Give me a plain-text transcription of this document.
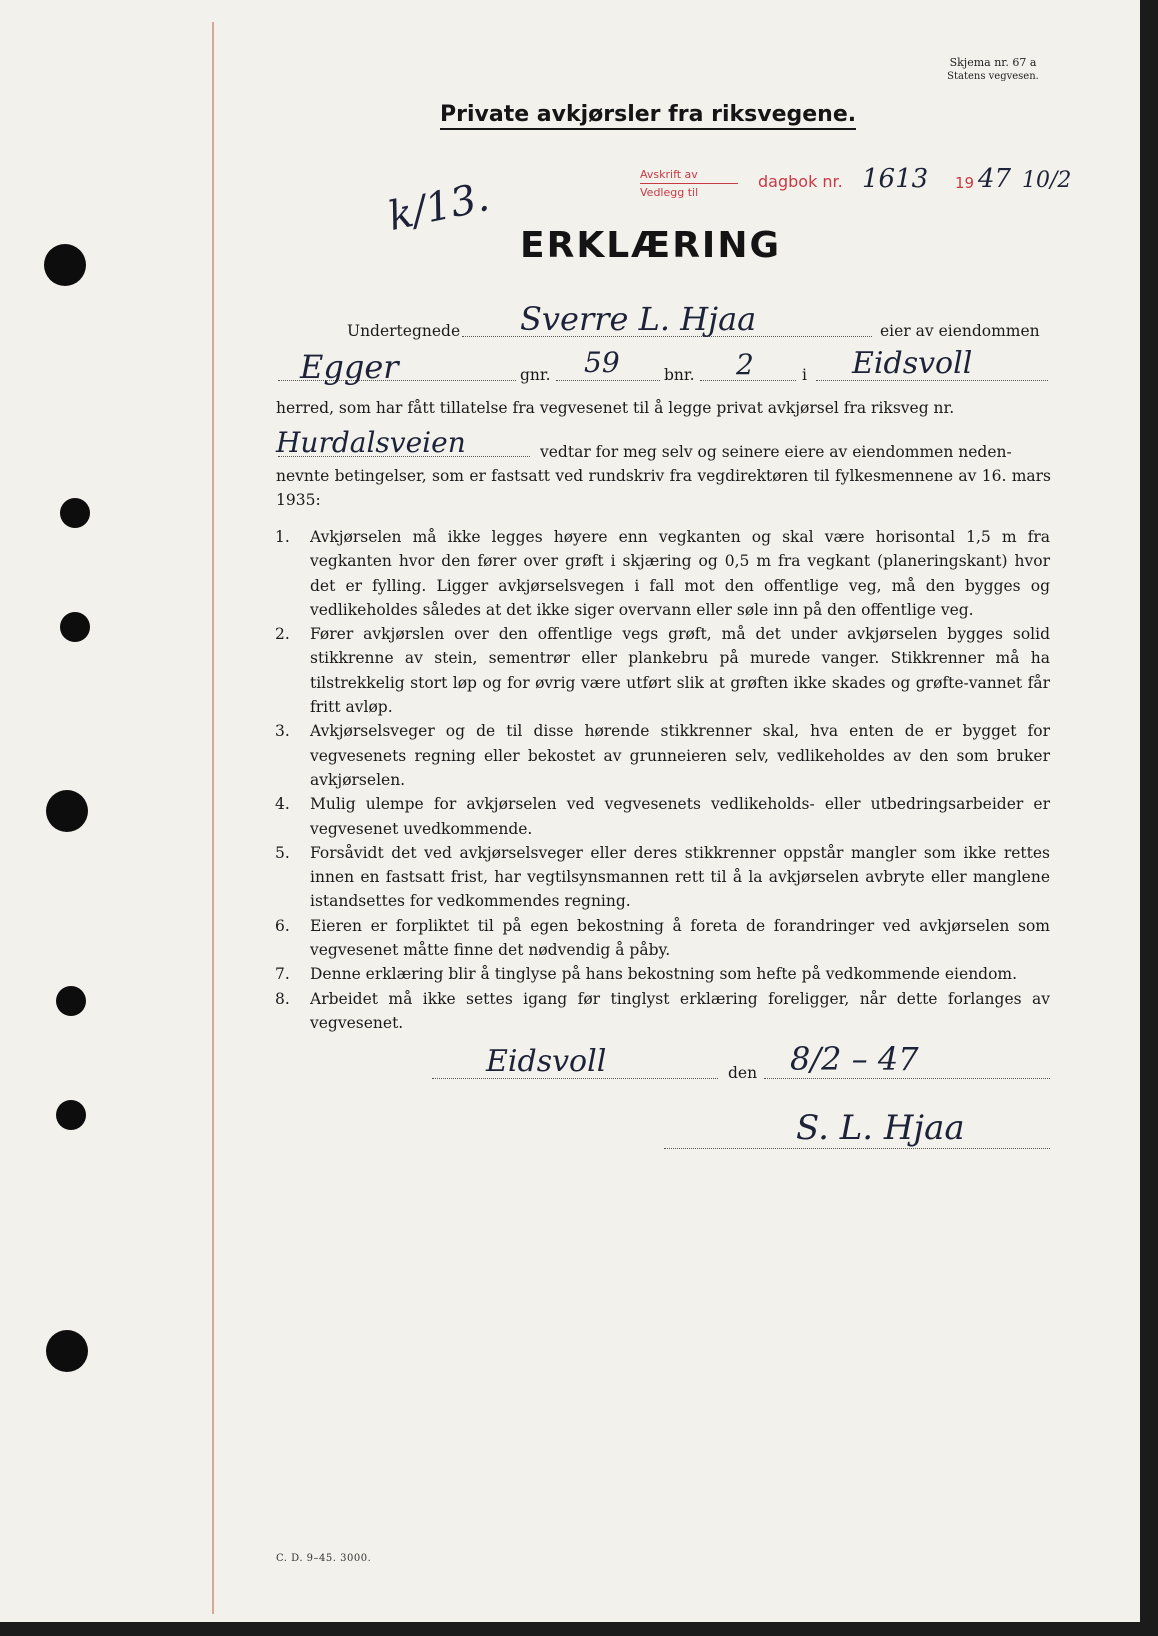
Skjema nr. 67 a
Statens vegvesen.
Private avkjørsler fra riksvegene.
Avskrift av
Vedlegg til
dagbok nr. 1613 19 47 10/2
k/13.
ERKLÆRING
Undertegnede Sverre L. Hjaa	eier av eiendommen
Egger	gnr. 59	bnr. 2	i Eidsvoll
herred, som har fått tillatelse fra vegvesenet til å legge privat avkjørsel fra riksveg nr.
Hurdalsveien	vedtar for meg selv og seinere eiere av eiendommen neden-
nevnte betingelser, som er fastsatt ved rundskriv fra vegdirektøren til fylkesmennene av 16. mars 1935:
1. Avkjørselen må ikke legges høyere enn vegkanten og skal være horisontal 1,5 m fra vegkanten hvor den fører over grøft i skjæring og 0,5 m fra vegkant (planeringskant) hvor det er fylling. Ligger avkjørselsvegen i fall mot den offentlige veg, må den bygges og vedlikeholdes således at det ikke siger overvann eller søle inn på den offentlige veg.
2. Fører avkjørslen over den offentlige vegs grøft, må det under avkjørselen bygges solid stikkrenne av stein, sementrør eller plankebru på murede vanger. Stikkrenner må ha tilstrekkelig stort løp og for øvrig være utført slik at grøften ikke skades og grøfte-vannet får fritt avløp.
3. Avkjørselsveger og de til disse hørende stikkrenner skal, hva enten de er bygget for vegvesenets regning eller bekostet av grunneieren selv, vedlikeholdes av den som bruker avkjørselen.
4. Mulig ulempe for avkjørselen ved vegvesenets vedlikeholds- eller utbedringsarbeider er vegvesenet uvedkommende.
5. Forsåvidt det ved avkjørselsveger eller deres stikkrenner oppstår mangler som ikke rettes innen en fastsatt frist, har vegtilsynsmannen rett til å la avkjørselen avbryte eller manglene istandsettes for vedkommendes regning.
6. Eieren er forpliktet til på egen bekostning å foreta de forandringer ved avkjørselen som vegvesenet måtte finne det nødvendig å påby.
7. Denne erklæring blir å tinglyse på hans bekostning som hefte på vedkommende eiendom.
8. Arbeidet må ikke settes igang før tinglyst erklæring foreligger, når dette forlanges av vegvesenet.
Eidsvoll	den 8/2 – 47
S. L. Hjaa
C. D. 9–45. 3000.
